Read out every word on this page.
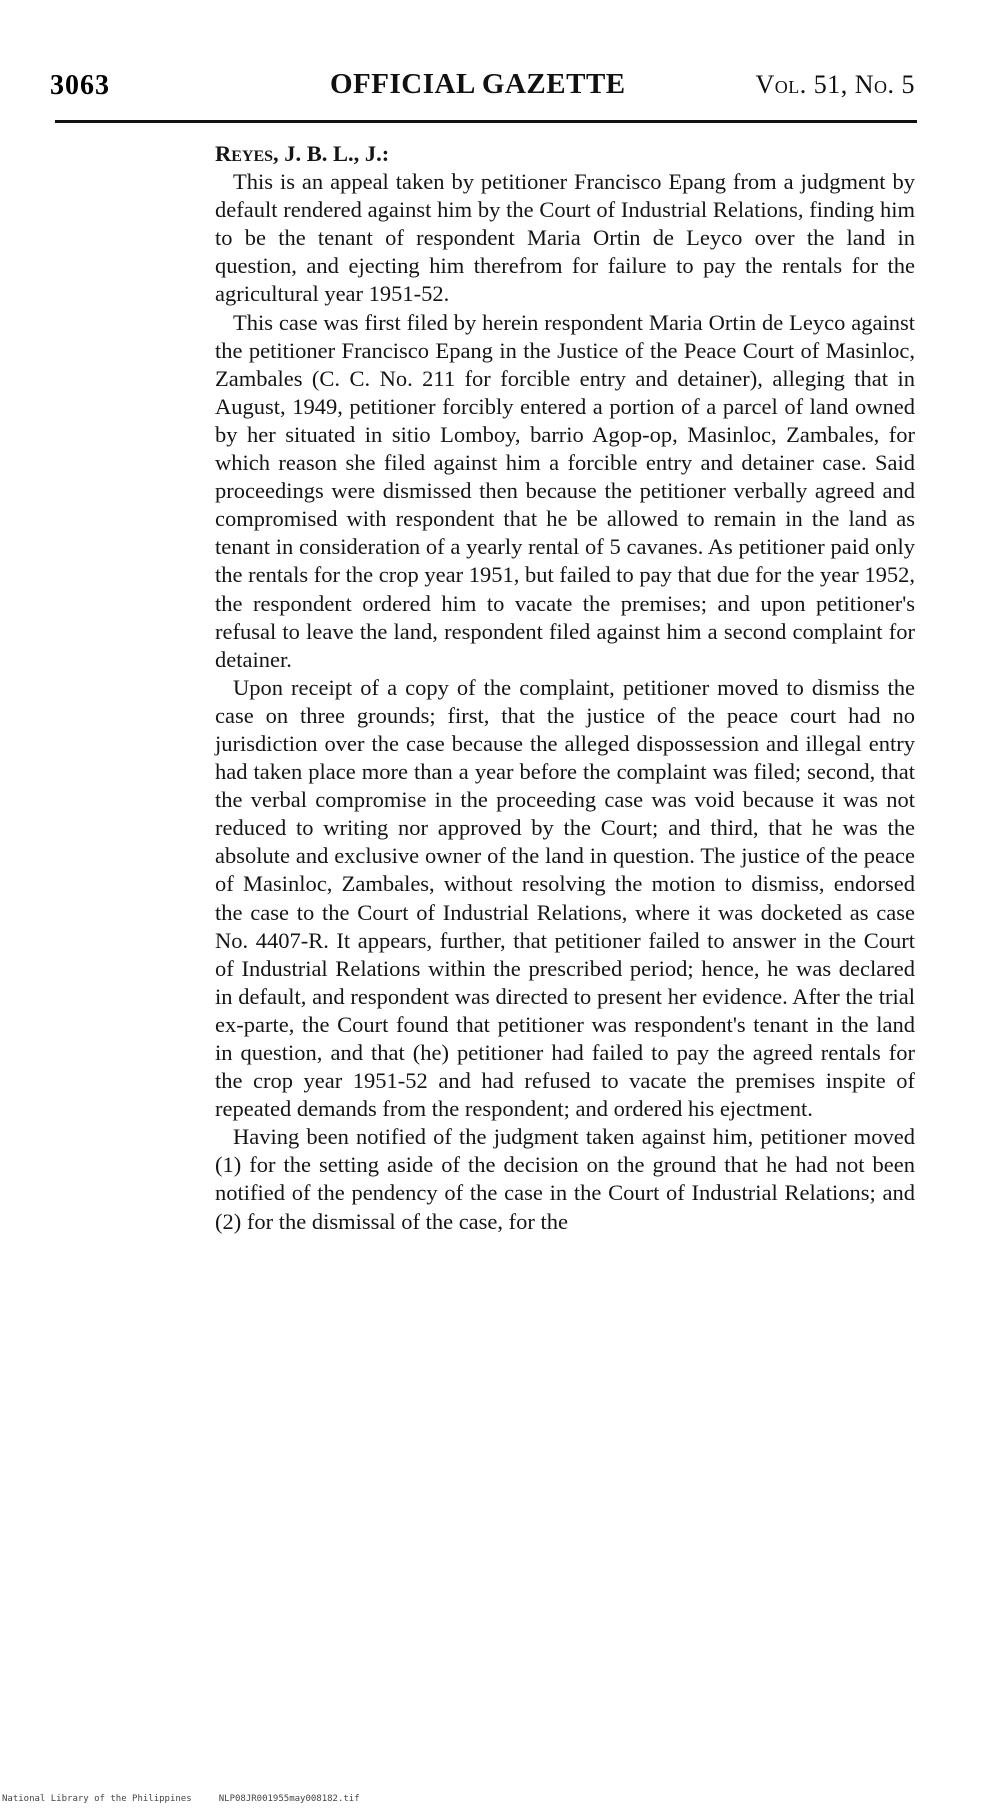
3063	OFFICIAL GAZETTE	Vol. 51, No. 5

Reyes, J. B. L., J.:

This is an appeal taken by petitioner Francisco Epang from a judgment by default rendered against him by the Court of Industrial Relations, finding him to be the tenant of respondent Maria Ortin de Leyco over the land in question, and ejecting him therefrom for failure to pay the rentals for the agricultural year 1951-52.

This case was first filed by herein respondent Maria Ortin de Leyco against the petitioner Francisco Epang in the Justice of the Peace Court of Masinloc, Zambales (C. C. No. 211 for forcible entry and detainer), alleging that in August, 1949, petitioner forcibly entered a portion of a parcel of land owned by her situated in sitio Lomboy, barrio Agop-op, Masinloc, Zambales, for which reason she filed against him a forcible entry and detainer case. Said proceedings were dismissed then because the petitioner verbally agreed and compromised with respondent that he be allowed to remain in the land as tenant in consideration of a yearly rental of 5 cavanes. As petitioner paid only the rentals for the crop year 1951, but failed to pay that due for the year 1952, the respondent ordered him to vacate the premises; and upon petitioner's refusal to leave the land, respondent filed against him a second complaint for detainer.

Upon receipt of a copy of the complaint, petitioner moved to dismiss the case on three grounds; first, that the justice of the peace court had no jurisdiction over the case because the alleged dispossession and illegal entry had taken place more than a year before the complaint was filed; second, that the verbal compromise in the proceeding case was void because it was not reduced to writing nor approved by the Court; and third, that he was the absolute and exclusive owner of the land in question. The justice of the peace of Masinloc, Zambales, without resolving the motion to dismiss, endorsed the case to the Court of Industrial Relations, where it was docketed as case No. 4407-R. It appears, further, that petitioner failed to answer in the Court of Industrial Relations within the prescribed period; hence, he was declared in default, and respondent was directed to present her evidence. After the trial ex-parte, the Court found that petitioner was respondent's tenant in the land in question, and that (he) petitioner had failed to pay the agreed rentals for the crop year 1951-52 and had refused to vacate the premises inspite of repeated demands from the respondent; and ordered his ejectment.

Having been notified of the judgment taken against him, petitioner moved (1) for the setting aside of the decision on the ground that he had not been notified of the pendency of the case in the Court of Industrial Relations; and (2) for the dismissal of the case, for the

National Library of the Philippines	NLP08JR001955may008182.tif
